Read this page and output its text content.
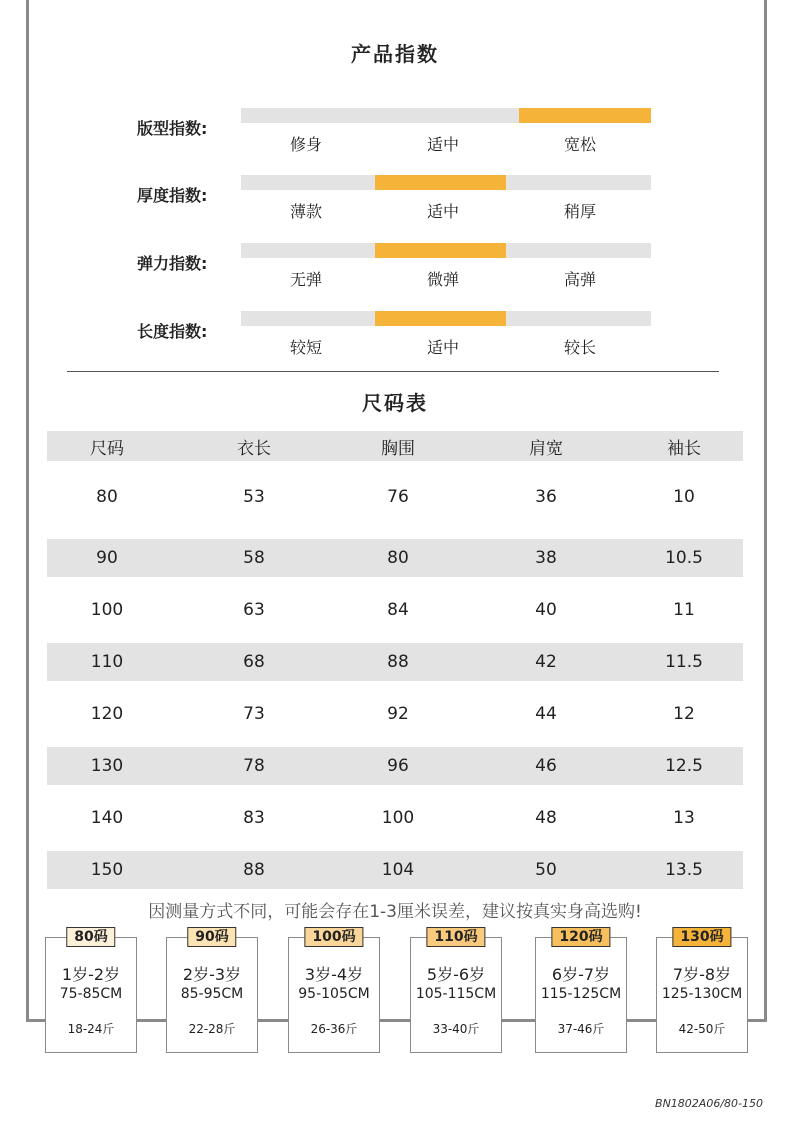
产品指数
版型指数:
修身	适中	宽松
厚度指数:
薄款	适中	稍厚
弹力指数:
无弹	微弹	高弹
长度指数:
较短	适中	较长
尺码表
尺码	衣长	胸围	肩宽	袖长
80	53	76	36	10
90	58	80	38	10.5
100	63	84	40	11
110	68	88	42	11.5
120	73	92	44	12
130	78	96	46	12.5
140	83	100	48	13
150	88	104	50	13.5
因测量方式不同，可能会存在1-3厘米误差，建议按真实身高选购!
80码
1岁-2岁
75-85CM
18-24斤
90码
2岁-3岁
85-95CM
22-28斤
100码
3岁-4岁
95-105CM
26-36斤
110码
5岁-6岁
105-115CM
33-40斤
120码
6岁-7岁
115-125CM
37-46斤
130码
7岁-8岁
125-130CM
42-50斤
BN1802A06/80-150
